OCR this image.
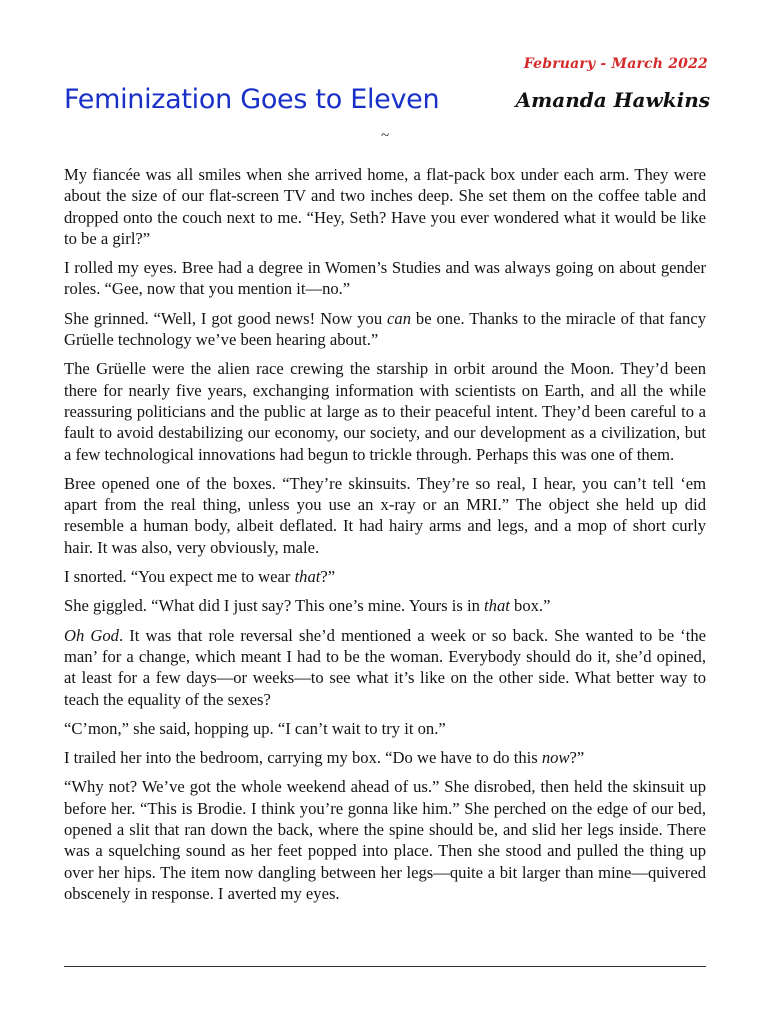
February - March 2022
Feminization Goes to Eleven	Amanda Hawkins
~

My fiancée was all smiles when she arrived home, a flat-pack box under each arm. They were about the size of our flat-screen TV and two inches deep. She set them on the coffee table and dropped onto the couch next to me. “Hey, Seth? Have you ever wondered what it would be like to be a girl?”

I rolled my eyes. Bree had a degree in Women’s Studies and was always going on about gender roles. “Gee, now that you mention it—no.”

She grinned. “Well, I got good news! Now you can be one. Thanks to the miracle of that fancy Grüelle technology we’ve been hearing about.”

The Grüelle were the alien race crewing the starship in orbit around the Moon. They’d been there for nearly five years, exchanging information with scientists on Earth, and all the while reassuring politicians and the public at large as to their peaceful intent. They’d been careful to a fault to avoid destabilizing our economy, our society, and our development as a civilization, but a few technological innovations had begun to trickle through. Perhaps this was one of them.

Bree opened one of the boxes. “They’re skinsuits. They’re so real, I hear, you can’t tell ‘em apart from the real thing, unless you use an x-ray or an MRI.” The object she held up did resemble a human body, albeit deflated. It had hairy arms and legs, and a mop of short curly hair. It was also, very obviously, male.

I snorted. “You expect me to wear that?”

She giggled. “What did I just say? This one’s mine. Yours is in that box.”

Oh God. It was that role reversal she’d mentioned a week or so back. She wanted to be ‘the man’ for a change, which meant I had to be the woman. Everybody should do it, she’d opined, at least for a few days—or weeks—to see what it’s like on the other side. What better way to teach the equality of the sexes?

“C’mon,” she said, hopping up. “I can’t wait to try it on.”

I trailed her into the bedroom, carrying my box. “Do we have to do this now?”

“Why not? We’ve got the whole weekend ahead of us.” She disrobed, then held the skinsuit up before her. “This is Brodie. I think you’re gonna like him.” She perched on the edge of our bed, opened a slit that ran down the back, where the spine should be, and slid her legs inside. There was a squelching sound as her feet popped into place. Then she stood and pulled the thing up over her hips. The item now dangling between her legs—quite a bit larger than mine—quivered obscenely in response. I averted my eyes.
